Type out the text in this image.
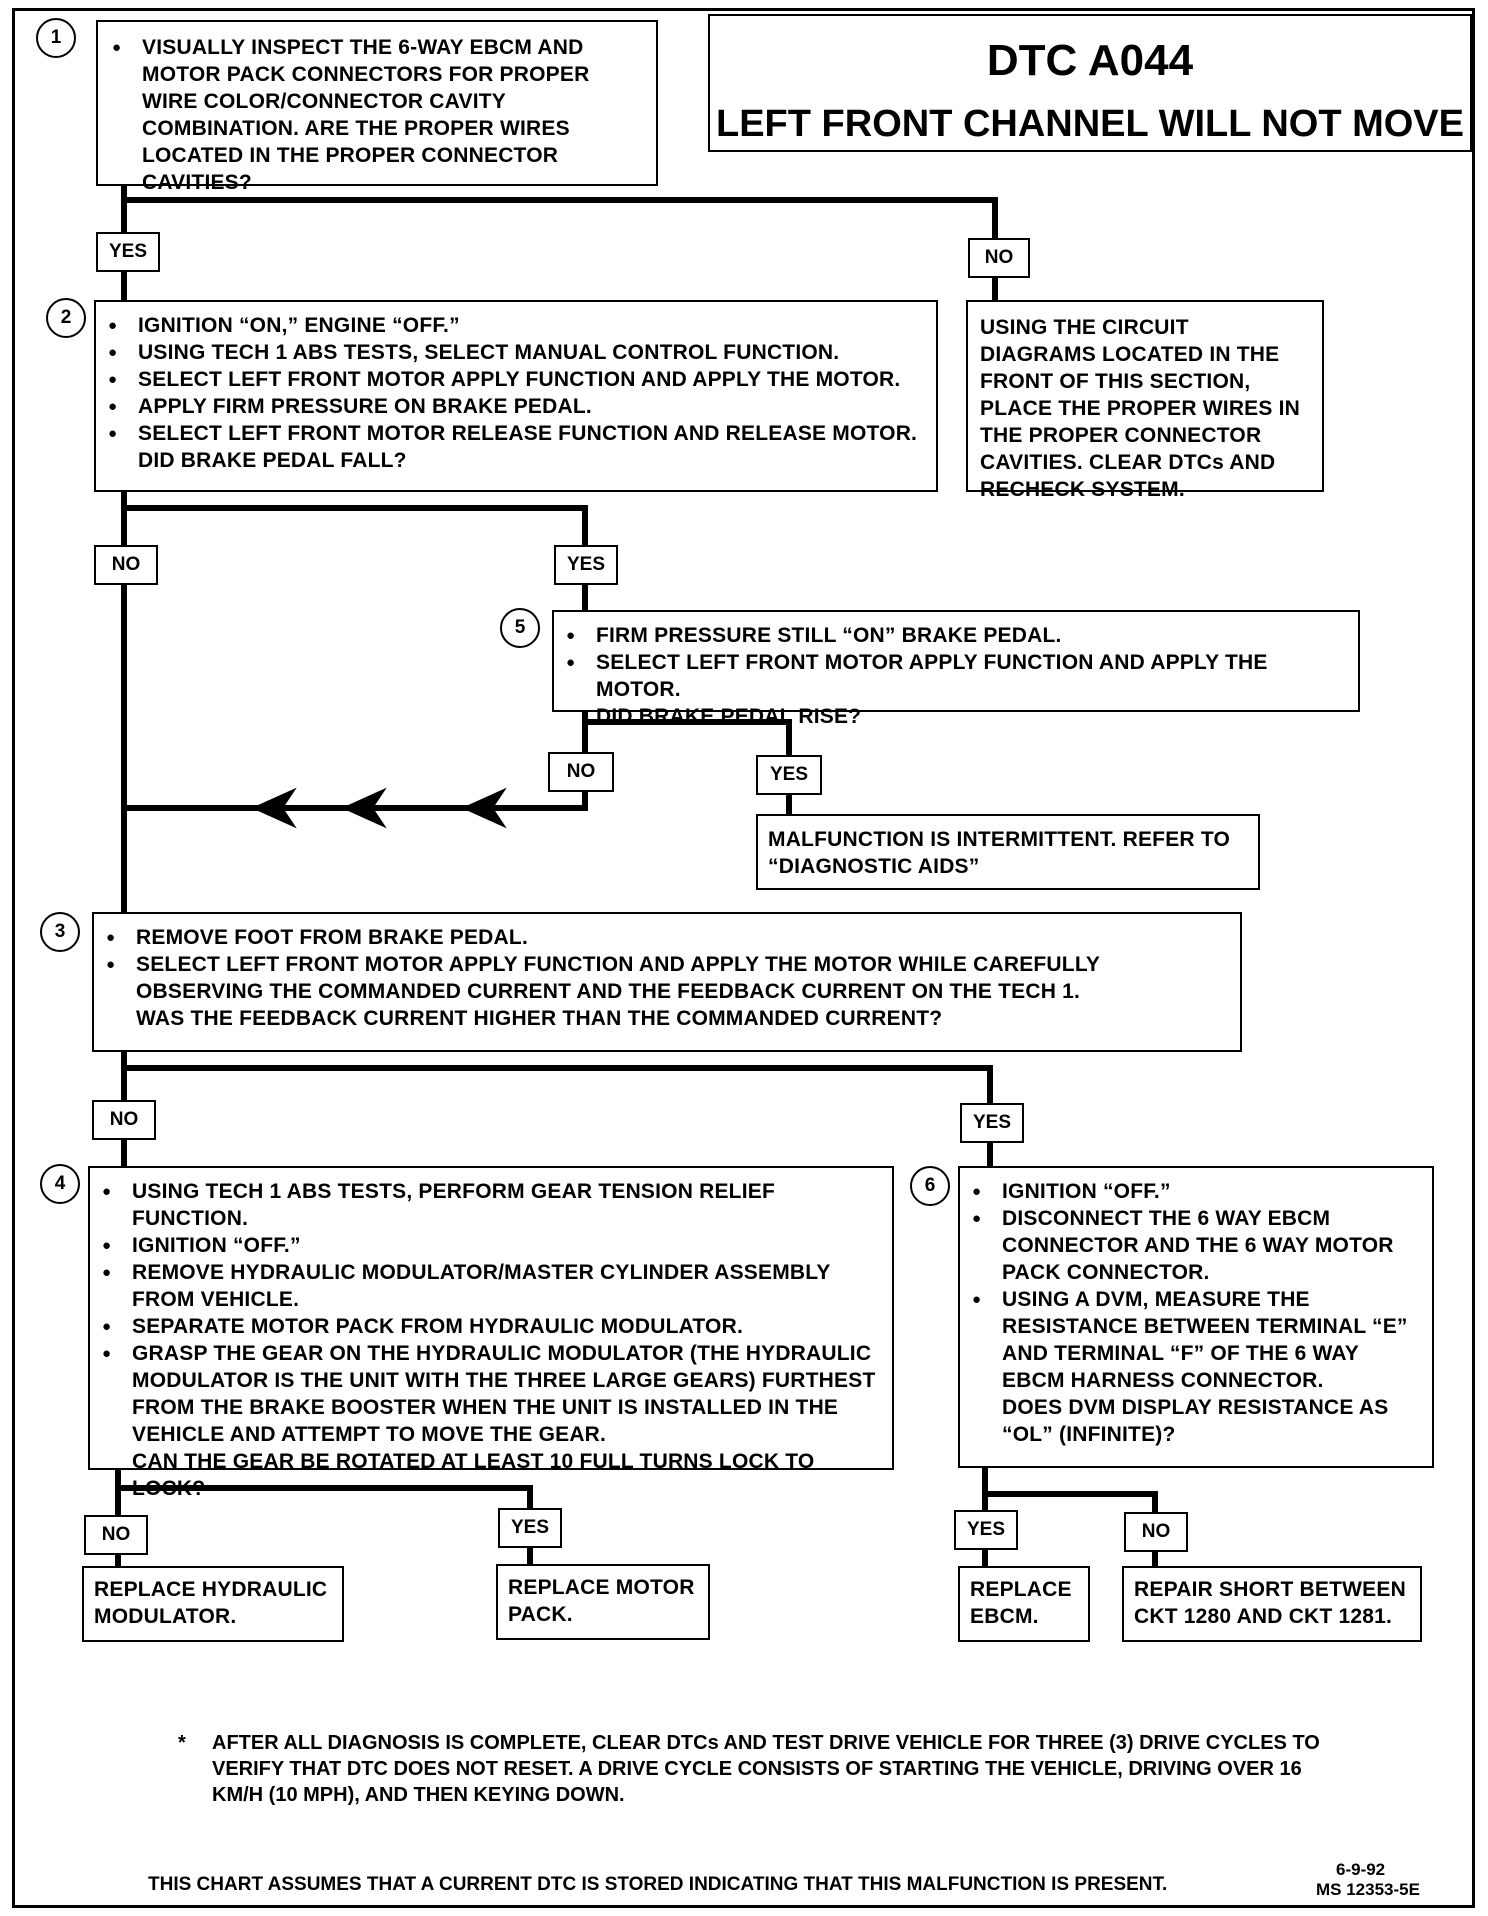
DTC A044
LEFT FRONT CHANNEL WILL NOT MOVE
1
2
3
4
5
6
● VISUALLY INSPECT THE 6-WAY EBCM AND MOTOR PACK CONNECTORS FOR PROPER WIRE COLOR/CONNECTOR CAVITY COMBINATION. ARE THE PROPER WIRES LOCATED IN THE PROPER CONNECTOR CAVITIES?
● IGNITION “ON,” ENGINE “OFF.”
● USING TECH 1 ABS TESTS, SELECT MANUAL CONTROL FUNCTION.
● SELECT LEFT FRONT MOTOR APPLY FUNCTION AND APPLY THE MOTOR.
● APPLY FIRM PRESSURE ON BRAKE PEDAL.
● SELECT LEFT FRONT MOTOR RELEASE FUNCTION AND RELEASE MOTOR.
DID BRAKE PEDAL FALL?
USING THE CIRCUIT DIAGRAMS LOCATED IN THE FRONT OF THIS SECTION, PLACE THE PROPER WIRES IN THE PROPER CONNECTOR CAVITIES. CLEAR DTCs AND RECHECK SYSTEM.
● FIRM PRESSURE STILL “ON” BRAKE PEDAL.
● SELECT LEFT FRONT MOTOR APPLY FUNCTION AND APPLY THE MOTOR.
DID BRAKE PEDAL RISE?
MALFUNCTION IS INTERMITTENT. REFER TO “DIAGNOSTIC AIDS”
● REMOVE FOOT FROM BRAKE PEDAL.
● SELECT LEFT FRONT MOTOR APPLY FUNCTION AND APPLY THE MOTOR WHILE CAREFULLY OBSERVING THE COMMANDED CURRENT AND THE FEEDBACK CURRENT ON THE TECH 1.
WAS THE FEEDBACK CURRENT HIGHER THAN THE COMMANDED CURRENT?
● USING TECH 1 ABS TESTS, PERFORM GEAR TENSION RELIEF FUNCTION.
● IGNITION “OFF.”
● REMOVE HYDRAULIC MODULATOR/MASTER CYLINDER ASSEMBLY FROM VEHICLE.
● SEPARATE MOTOR PACK FROM HYDRAULIC MODULATOR.
● GRASP THE GEAR ON THE HYDRAULIC MODULATOR (THE HYDRAULIC MODULATOR IS THE UNIT WITH THE THREE LARGE GEARS) FURTHEST FROM THE BRAKE BOOSTER WHEN THE UNIT IS INSTALLED IN THE VEHICLE AND ATTEMPT TO MOVE THE GEAR.
CAN THE GEAR BE ROTATED AT LEAST 10 FULL TURNS LOCK TO LOCK?
● IGNITION “OFF.”
● DISCONNECT THE 6 WAY EBCM CONNECTOR AND THE 6 WAY MOTOR PACK CONNECTOR.
● USING A DVM, MEASURE THE RESISTANCE BETWEEN TERMINAL “E” AND TERMINAL “F” OF THE 6 WAY EBCM HARNESS CONNECTOR.
DOES DVM DISPLAY RESISTANCE AS “OL” (INFINITE)?
REPLACE HYDRAULIC MODULATOR.
REPLACE MOTOR PACK.
REPLACE EBCM.
REPAIR SHORT BETWEEN CKT 1280 AND CKT 1281.
YES	NO
NO	YES
NO	YES
NO	YES
NO	YES	YES	NO
* AFTER ALL DIAGNOSIS IS COMPLETE, CLEAR DTCs AND TEST DRIVE VEHICLE FOR THREE (3) DRIVE CYCLES TO VERIFY THAT DTC DOES NOT RESET. A DRIVE CYCLE CONSISTS OF STARTING THE VEHICLE, DRIVING OVER 16 KM/H (10 MPH), AND THEN KEYING DOWN.
THIS CHART ASSUMES THAT A CURRENT DTC IS STORED INDICATING THAT THIS MALFUNCTION IS PRESENT.
6-9-92
MS 12353-5E
